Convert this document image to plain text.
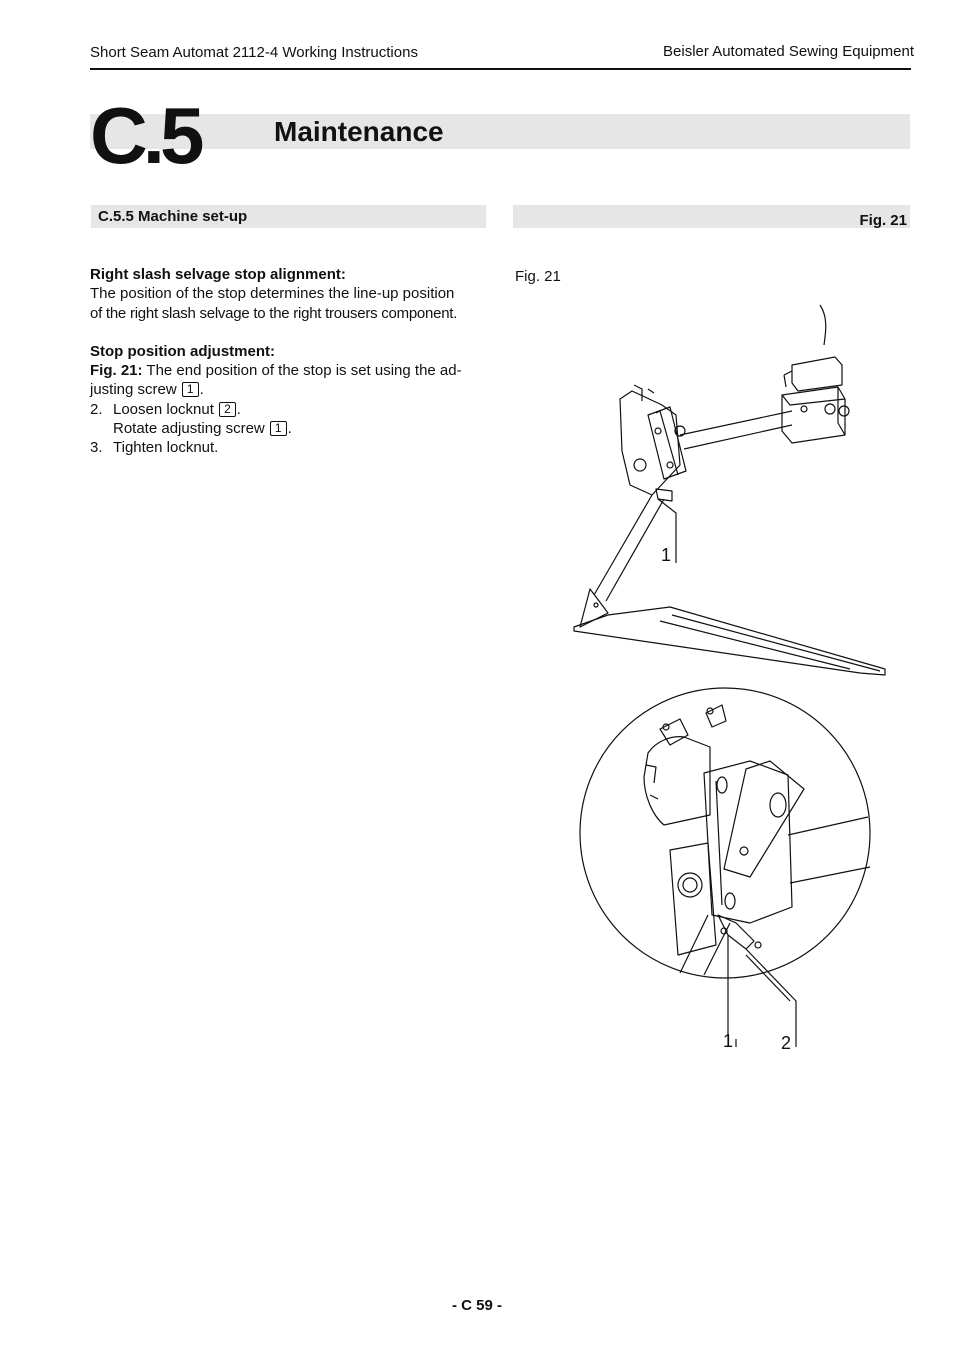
Short Seam Automat 2112-4 Working Instructions	Beisler Automated Sewing Equipment
C.5	Maintenance
C.5.5 Machine set-up	Fig. 21

Right slash selvage stop alignment:

The position of the stop determines the line-up position

of the right slash selvage to the right trousers component.

Stop position adjustment:

Fig. 21: The end position of the stop is set using the ad-

justing screw 1 .

2. Loosen locknut 2 .

Rotate adjusting screw 1 .

3. Tighten locknut.

Fig. 21
1
1	2
- C 59 -
